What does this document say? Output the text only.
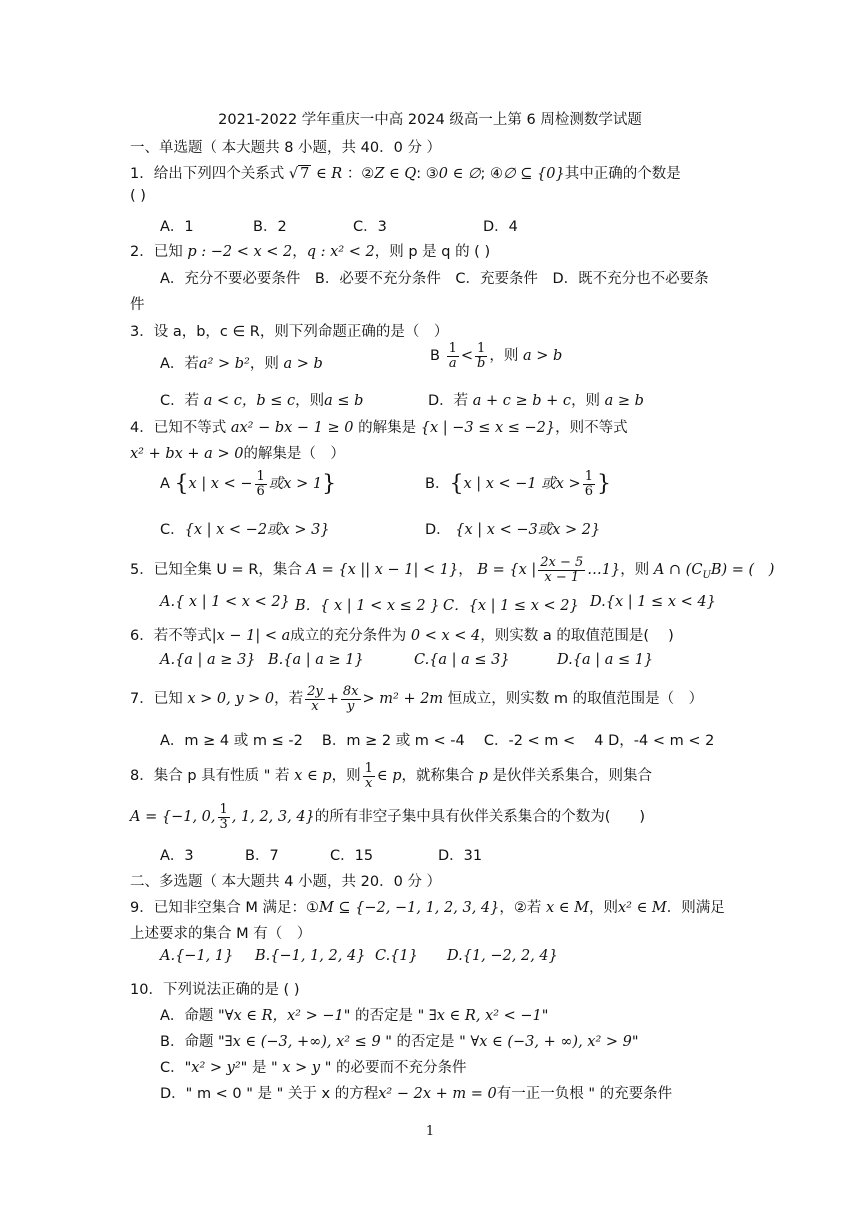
2021-2022 学年重庆一中高 2024 级高一上第 6 周检测数学试题
一、单选题（ 本大题共 8 小题，共 40．0 分 ）
1．给出下列四个关系式 √ 7 ∈ R ：②Z ∈ Q: ③0 ∈ ∅; ④∅ ⊆ {0}其中正确的个数是
( )
A．1	B．2	C．3	D．4
2．已知 p : −2 < x < 2，q : x² < 2，则 p 是 q 的 ( )
A．充分不要必要条件　B．必要不充分条件　C．充要条件　D．既不充分也不必要条
件
3．设 a，b，c ∈ R，则下列命题正确的是（　）
A．若a² > b²，则 a > b	B $\frac{1}{a} < \frac{1}{b}$ ，则 a > b
C．若 a < c，b ≤ c，则a ≤ b	D．若 a + c ≥ b + c，则 a ≥ b
4．已知不等式 ax² − bx − 1 ≥ 0 的解集是 {x | −3 ≤ x ≤ −2}，则不等式
x² + bx + a > 0的解集是（　）
A {x | x < − $\frac{1}{6}$ 或x > 1}	B．{x | x < −1 或$x > \frac{1}{6}$ }
C．{x | x < −2或x > 3}	D． {x | x < −3或x > 2}
5．已知全集 U = R，集合 A = {x || x − 1| < 1}， B = {x | $\frac{2x - 5}{x - 1}$ …1}，则 A ∩ $(C_UB)$ = (　)
A.{ x | 1 < x < 2} B．{ x | 1 < x ≤ 2 } C．{x | 1 ≤ x < 2} D.{x | 1 ≤ x < 4}
6．若不等式|x − 1| < a成立的充分条件为 0 < x < 4，则实数 a 的取值范围是(　 )
A.{a | a ≥ 3} B.{a | a ≥ 1}	C.{a | a ≤ 3}	D.{a | a ≤ 1}
7．已知 x > 0, y > 0，若 $\frac{2y}{x} + \frac{8x}{y} > m^2 + 2m$ 恒成立，则实数 m 的取值范围是（　）
A．m ≥ 4 或 m ≤ -2　 B．m ≥ 2 或 m < -4　 C．-2 < m <　 4 D，-4 < m < 2
8．集合 p 具有性质 " 若 x ∈ p，则 $\frac{1}{x}$ ∈ p，就称集合 p 是伙伴关系集合，则集合
A = {−1, 0, $\frac{1}{3}$ , 1, 2, 3, 4}的所有非空子集中具有伙伴关系集合的个数为(　　)
A．3	B．7	C．15	D．31
二、多选题（ 本大题共 4 小题，共 20．0 分 ）
9．已知非空集合 M 满足：①M ⊆ {−2, −1, 1, 2, 3, 4}，②若 x ∈ M，则x² ∈ M．则满足
上述要求的集合 M 有（　）
A.{−1, 1} B.{−1, 1, 2, 4} C.{1} D.{1, −2, 2, 4}
10．下列说法正确的是 ( )
A．命题 "∀x ∈ R，x² > −1" 的否定是 " ∃x ∈ R, x² < −1"
B．命题 "∃x ∈ (−3, +∞), x² ≤ 9 " 的否定是 " ∀x ∈ (−3, + ∞), x² > 9"
C．"x² > y²" 是 " x > y " 的必要而不充分条件
D．" m < 0 " 是 " 关于 x 的方程x² − 2x + m = 0有一正一负根 " 的充要条件
1
